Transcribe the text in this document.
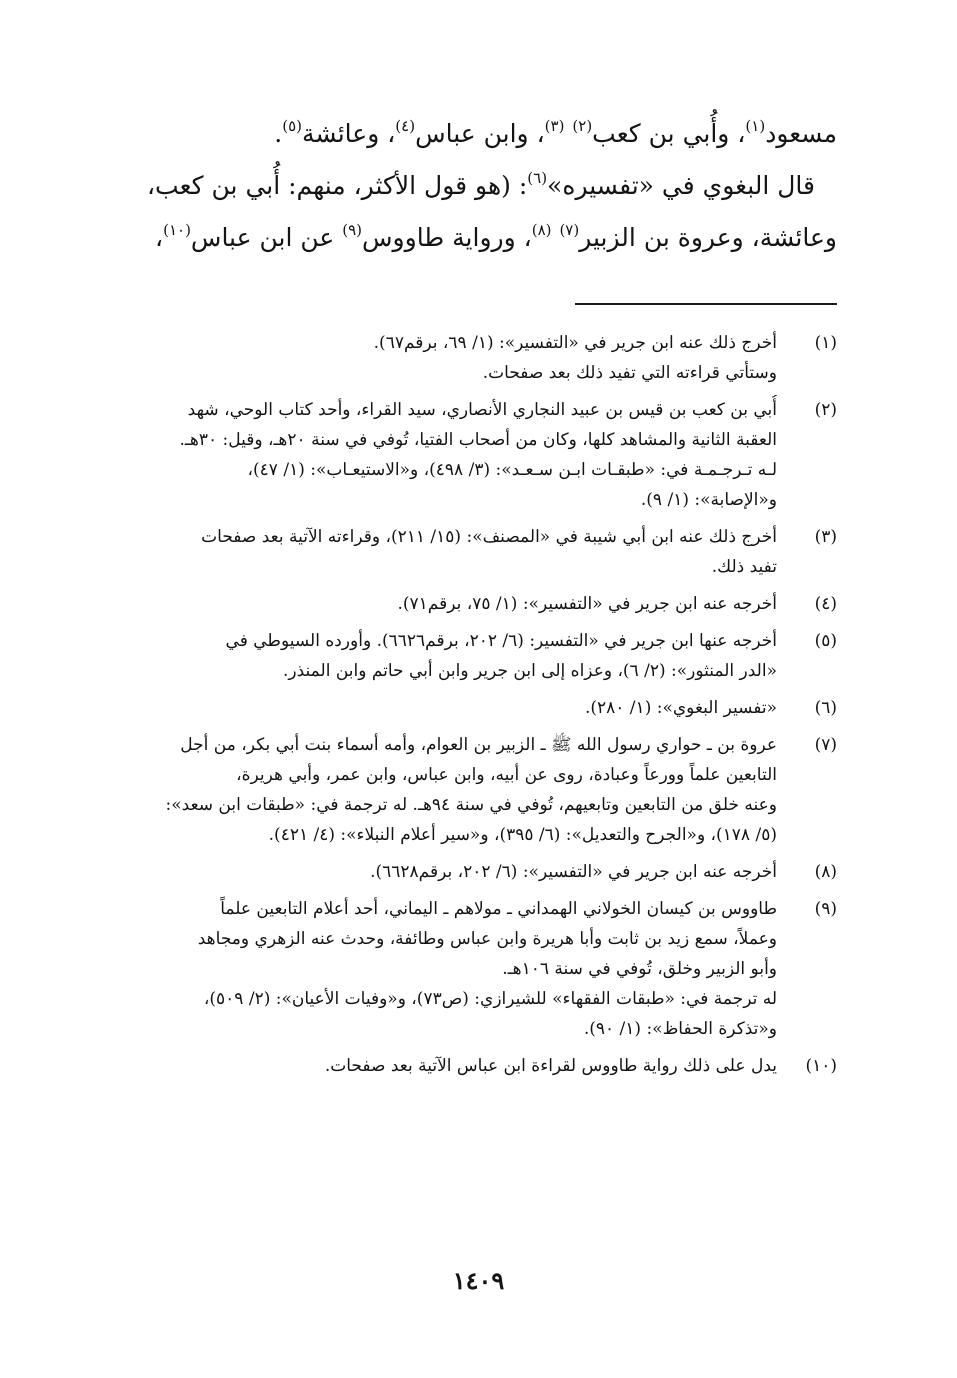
مسعود$^{(١)}$، وأُبي بن كعب$^{(٢)}$ $^{(٣)}$، وابن عباس$^{(٤)}$، وعائشة$^{(٥)}$.

قال البغوي في «تفسيره»$^{(٦)}$: (هو قول الأكثر، منهم: أُبي بن كعب،

وعائشة، وعروة بن الزبير$^{(٧)}$ $^{(٨)}$، ورواية طاووس$^{(٩)}$ عن ابن عباس$^{(١٠)}$،

(١)
أخرج ذلك عنه ابن جرير في «التفسير»: (١/ ٦٩، برقم٦٧).
وستأتي قراءته التي تفيد ذلك بعد صفحات.
(٢)
أُبي بن كعب بن قيس بن عبيد النجاري الأنصاري، سيد القراء، وأحد كتاب الوحي، شهد
العقبة الثانية والمشاهد كلها، وكان من أصحاب الفتيا، تُوفي في سنة ٢٠هـ، وقيل: ٣٠هـ.
لـه تـرجـمـة في: «طبقـات ابـن سـعـد»: (٣/ ٤٩٨)، و«الاستيعـاب»: (١/ ٤٧)،
و«الإصابة»: (١/ ٩).
(٣)
أخرج ذلك عنه ابن أبي شيبة في «المصنف»: (١٥/ ٢١١)، وقراءته الآتية بعد صفحات
تفيد ذلك.
(٤)
أخرجه عنه ابن جرير في «التفسير»: (١/ ٧٥، برقم٧١).
(٥)
أخرجه عنها ابن جرير في «التفسير: (٦/ ٢٠٢، برقم٦٦٢٦). وأورده السيوطي في
«الدر المنثور»: (٢/ ٦)، وعزاه إلى ابن جرير وابن أبي حاتم وابن المنذر.
(٦)
«تفسير البغوي»: (١/ ٢٨٠).
(٧)
عروة بن ـ حواري رسول الله ﷺ ـ الزبير بن العوام، وأمه أسماء بنت أبي بكر، من أجل
التابعين علماً وورعاً وعبادة، روى عن أبيه، وابن عباس، وابن عمر، وأبي هريرة،
وعنه خلق من التابعين وتابعيهم، تُوفي في سنة ٩٤هـ. له ترجمة في: «طبقات ابن سعد»:
(٥/ ١٧٨)، و«الجرح والتعديل»: (٦/ ٣٩٥)، و«سير أعلام النبلاء»: (٤/ ٤٢١).
(٨)
أخرجه عنه ابن جرير في «التفسير»: (٦/ ٢٠٢، برقم٦٦٢٨).
(٩)
طاووس بن كيسان الخولاني الهمداني ـ مولاهم ـ اليماني، أحد أعلام التابعين علماً
وعملاً، سمع زيد بن ثابت وأبا هريرة وابن عباس وطائفة، وحدث عنه الزهري ومجاهد
وأبو الزبير وخلق، تُوفي في سنة ١٠٦هـ.
له ترجمة في: «طبقات الفقهاء» للشيرازي: (ص٧٣)، و«وفيات الأعيان»: (٢/ ٥٠٩)،
و«تذكرة الحفاظ»: (١/ ٩٠).
(١٠)
يدل على ذلك رواية طاووس لقراءة ابن عباس الآتية بعد صفحات.
١٤٠٩
